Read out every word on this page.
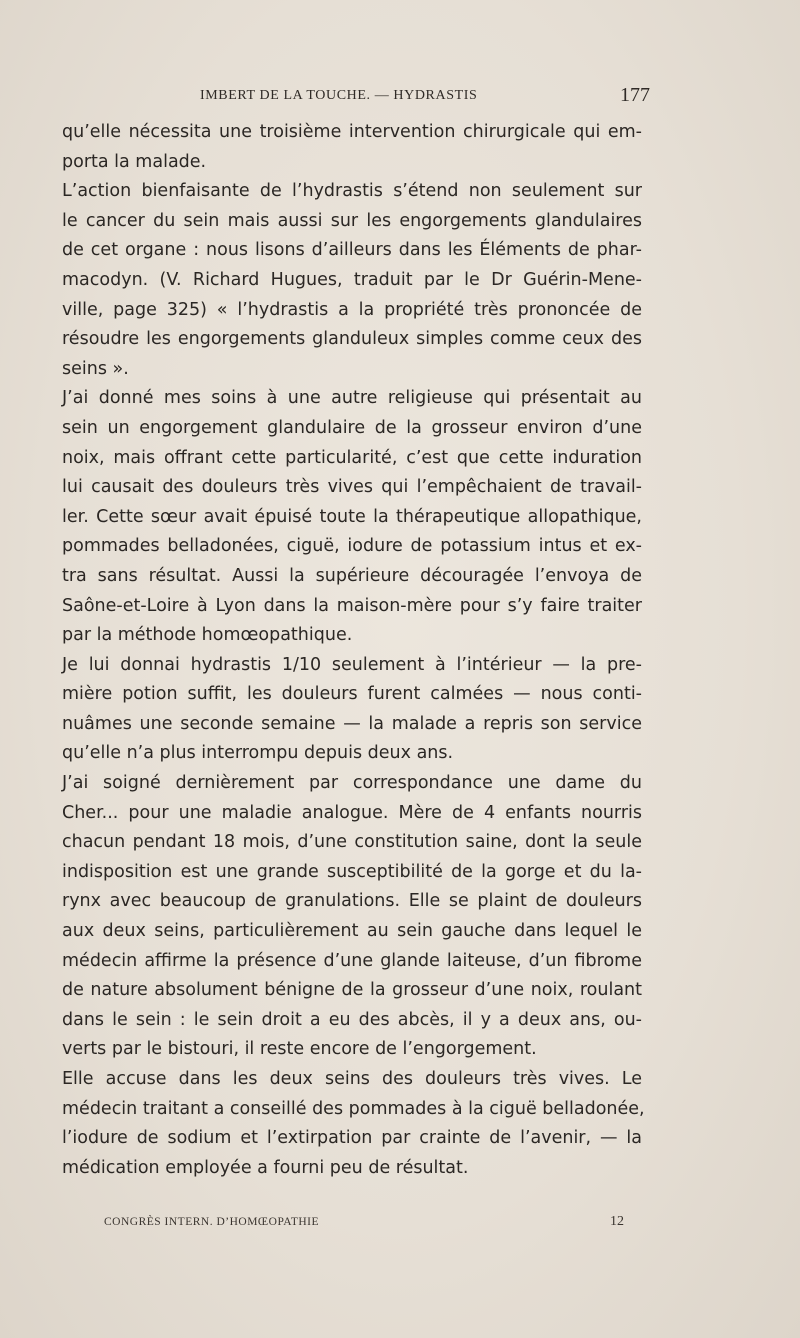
IMBERT DE LA TOUCHE. — HYDRASTIS	177
qu’elle nécessita une troisième intervention chirurgicale qui em-
porta la malade.
L’action bienfaisante de l’hydrastis s’étend non seulement sur
le cancer du sein mais aussi sur les engorgements glandulaires
de cet organe : nous lisons d’ailleurs dans les Éléments de phar-
macodyn. (V. Richard Hugues, traduit par le Dr Guérin-Mene-
ville, page 325) « l’hydrastis a la propriété très prononcée de
résoudre les engorgements glanduleux simples comme ceux des
seins ».
J’ai donné mes soins à une autre religieuse qui présentait au
sein un engorgement glandulaire de la grosseur environ d’une
noix, mais offrant cette particularité, c’est que cette induration
lui causait des douleurs très vives qui l’empêchaient de travail-
ler. Cette sœur avait épuisé toute la thérapeutique allopathique,
pommades belladonées, ciguë, iodure de potassium intus et ex-
tra sans résultat. Aussi la supérieure découragée l’envoya de
Saône-et-Loire à Lyon dans la maison-mère pour s’y faire traiter
par la méthode homœopathique.
Je lui donnai hydrastis 1/10 seulement à l’intérieur — la pre-
mière potion suffit, les douleurs furent calmées — nous conti-
nuâmes une seconde semaine — la malade a repris son service
qu’elle n’a plus interrompu depuis deux ans.
J’ai soigné dernièrement par correspondance une dame du
Cher... pour une maladie analogue. Mère de 4 enfants nourris
chacun pendant 18 mois, d’une constitution saine, dont la seule
indisposition est une grande susceptibilité de la gorge et du la-
rynx avec beaucoup de granulations. Elle se plaint de douleurs
aux deux seins, particulièrement au sein gauche dans lequel le
médecin affirme la présence d’une glande laiteuse, d’un fibrome
de nature absolument bénigne de la grosseur d’une noix, roulant
dans le sein : le sein droit a eu des abcès, il y a deux ans, ou-
verts par le bistouri, il reste encore de l’engorgement.
Elle accuse dans les deux seins des douleurs très vives. Le
médecin traitant a conseillé des pommades à la ciguë belladonée,
l’iodure de sodium et l’extirpation par crainte de l’avenir, — la
médication employée a fourni peu de résultat.
CONGRÈS INTERN. D’HOMŒOPATHIE	12
